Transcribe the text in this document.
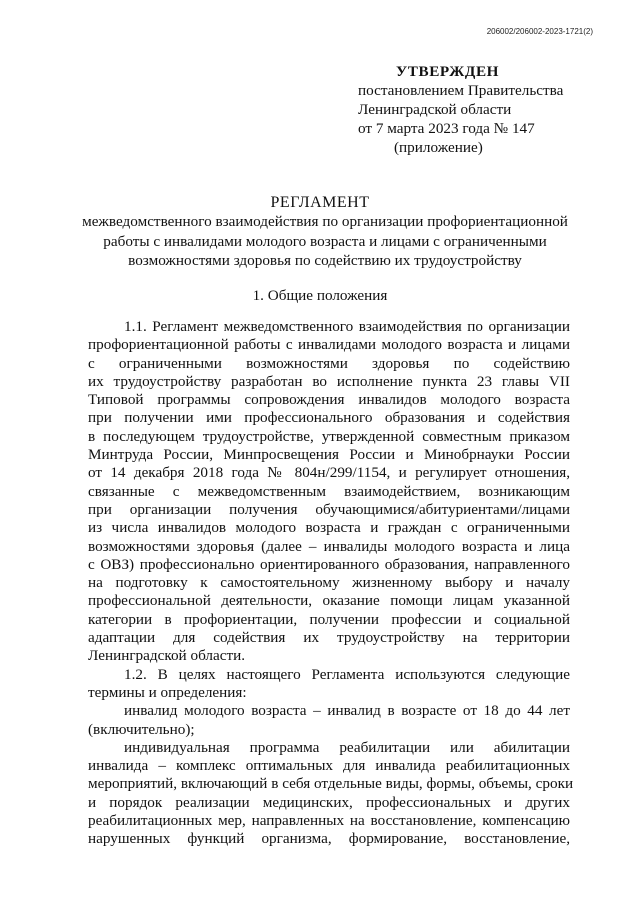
206002/206002-2023-1721(2)
УТВЕРЖДЕН
постановлением Правительства
Ленинградской области
от 7 марта 2023 года № 147
(приложение)
РЕГЛАМЕНТ
межведомственного взаимодействия по организации профориентационной
работы с инвалидами молодого возраста и лицами с ограниченными
возможностями здоровья по содействию их трудоустройству
1. Общие положения
1.1. Регламент межведомственного взаимодействия по организации
профориентационной работы с инвалидами молодого возраста и лицами
с ограниченными возможностями здоровья по содействию
их трудоустройству разработан во исполнение пункта 23 главы VII
Типовой программы сопровождения инвалидов молодого возраста
при получении ими профессионального образования и содействия
в последующем трудоустройстве, утвержденной совместным приказом
Минтруда России, Минпросвещения России и Минобрнауки России
от 14 декабря 2018 года № 804н/299/1154, и регулирует отношения,
связанные с межведомственным взаимодействием, возникающим
при организации получения обучающимися/абитуриентами/лицами
из числа инвалидов молодого возраста и граждан с ограниченными
возможностями здоровья (далее – инвалиды молодого возраста и лица
с ОВЗ) профессионально ориентированного образования, направленного
на подготовку к самостоятельному жизненному выбору и началу
профессиональной деятельности, оказание помощи лицам указанной
категории в профориентации, получении профессии и социальной
адаптации для содействия их трудоустройству на территории
Ленинградской области.
1.2. В целях настоящего Регламента используются следующие
термины и определения:
инвалид молодого возраста – инвалид в возрасте от 18 до 44 лет
(включительно);
индивидуальная программа реабилитации или абилитации
инвалида – комплекс оптимальных для инвалида реабилитационных
мероприятий, включающий в себя отдельные виды, формы, объемы, сроки
и порядок реализации медицинских, профессиональных и других
реабилитационных мер, направленных на восстановление, компенсацию
нарушенных функций организма, формирование, восстановление,
